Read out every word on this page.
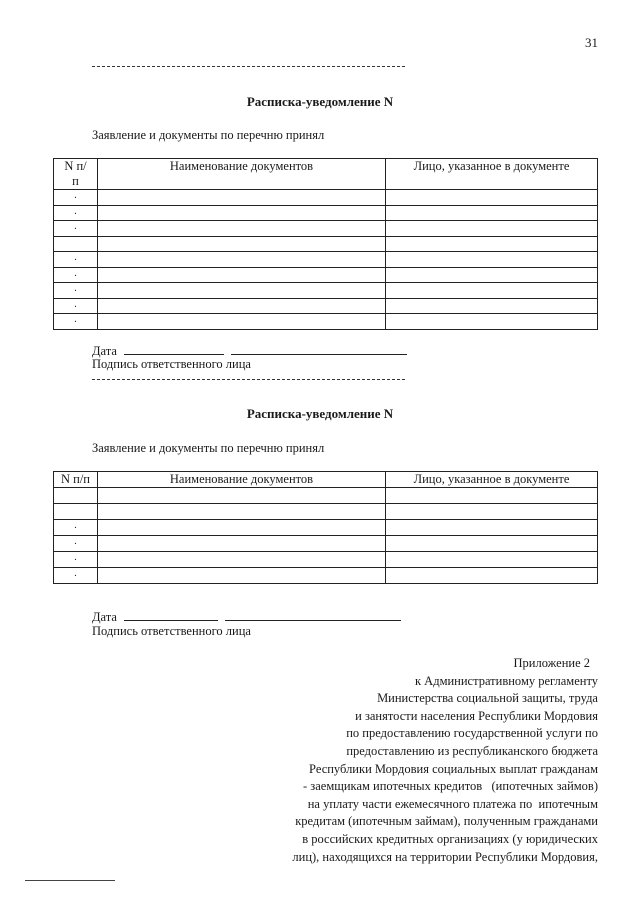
31
Расписка-уведомление N
Заявление и документы по перечню принял
N п/п	Наименование документов	Лицо, указанное в документе
.		
.		
.		

.		
.		
.		
.		
.		
Дата
Подпись ответственного лица
Расписка-уведомление N
Заявление и документы по перечню принял
N п/п	Наименование документов	Лицо, указанное в документе

.		
.		
.		
.		
Дата
Подпись ответственного лица
Приложение 2
к Административному регламенту
Министерства социальной защиты, труда
и занятости населения Республики Мордовия
по предоставлению государственной услуги по
предоставлению из республиканского бюджета
Республики Мордовия социальных выплат гражданам
- заемщикам ипотечных кредитов   (ипотечных займов)
на уплату части ежемесячного платежа по  ипотечным
кредитам (ипотечным займам), полученным гражданами
в российских кредитных организациях (у юридических
лиц), находящихся на территории Республики Мордовия,
